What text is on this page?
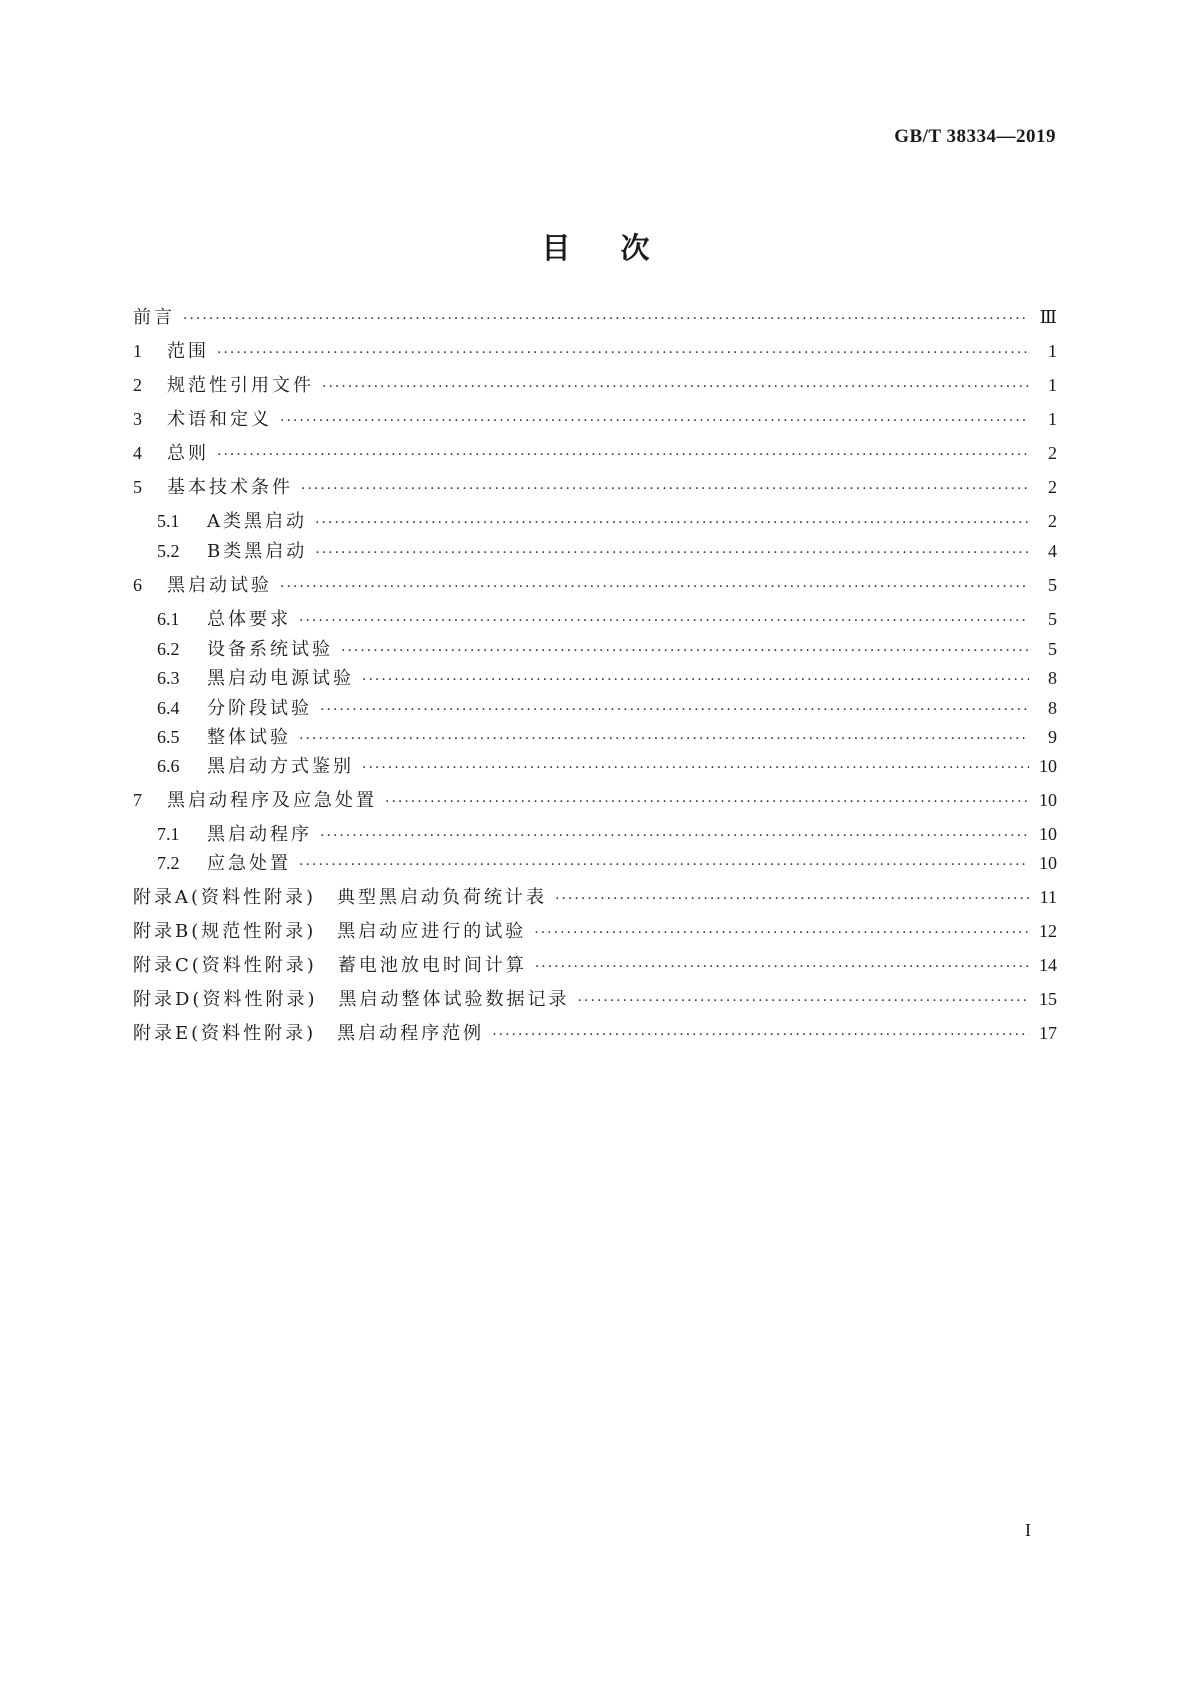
GB/T 38334—2019
目次
前言 ·····	Ⅲ
1	范围 ·····	1
2	规范性引用文件 ·····	1
3	术语和定义 ·····	1
4	总则 ·····	2
5	基本技术条件 ·····	2
5.1	A类黑启动 ·····	2
5.2	B类黑启动 ·····	4
6	黑启动试验 ·····	5
6.1	总体要求 ·····	5
6.2	设备系统试验 ·····	5
6.3	黑启动电源试验 ·····	8
6.4	分阶段试验 ·····	8
6.5	整体试验 ·····	9
6.6	黑启动方式鉴别 ·····	10
7	黑启动程序及应急处置 ·····	10
7.1	黑启动程序 ·····	10
7.2	应急处置 ·····	10
附录A(资料性附录)　典型黑启动负荷统计表 ·····	11
附录B(规范性附录)　黑启动应进行的试验 ·····	12
附录C(资料性附录)　蓄电池放电时间计算 ·····	14
附录D(资料性附录)　黑启动整体试验数据记录 ·····	15
附录E(资料性附录)　黑启动程序范例 ·····	17
I
